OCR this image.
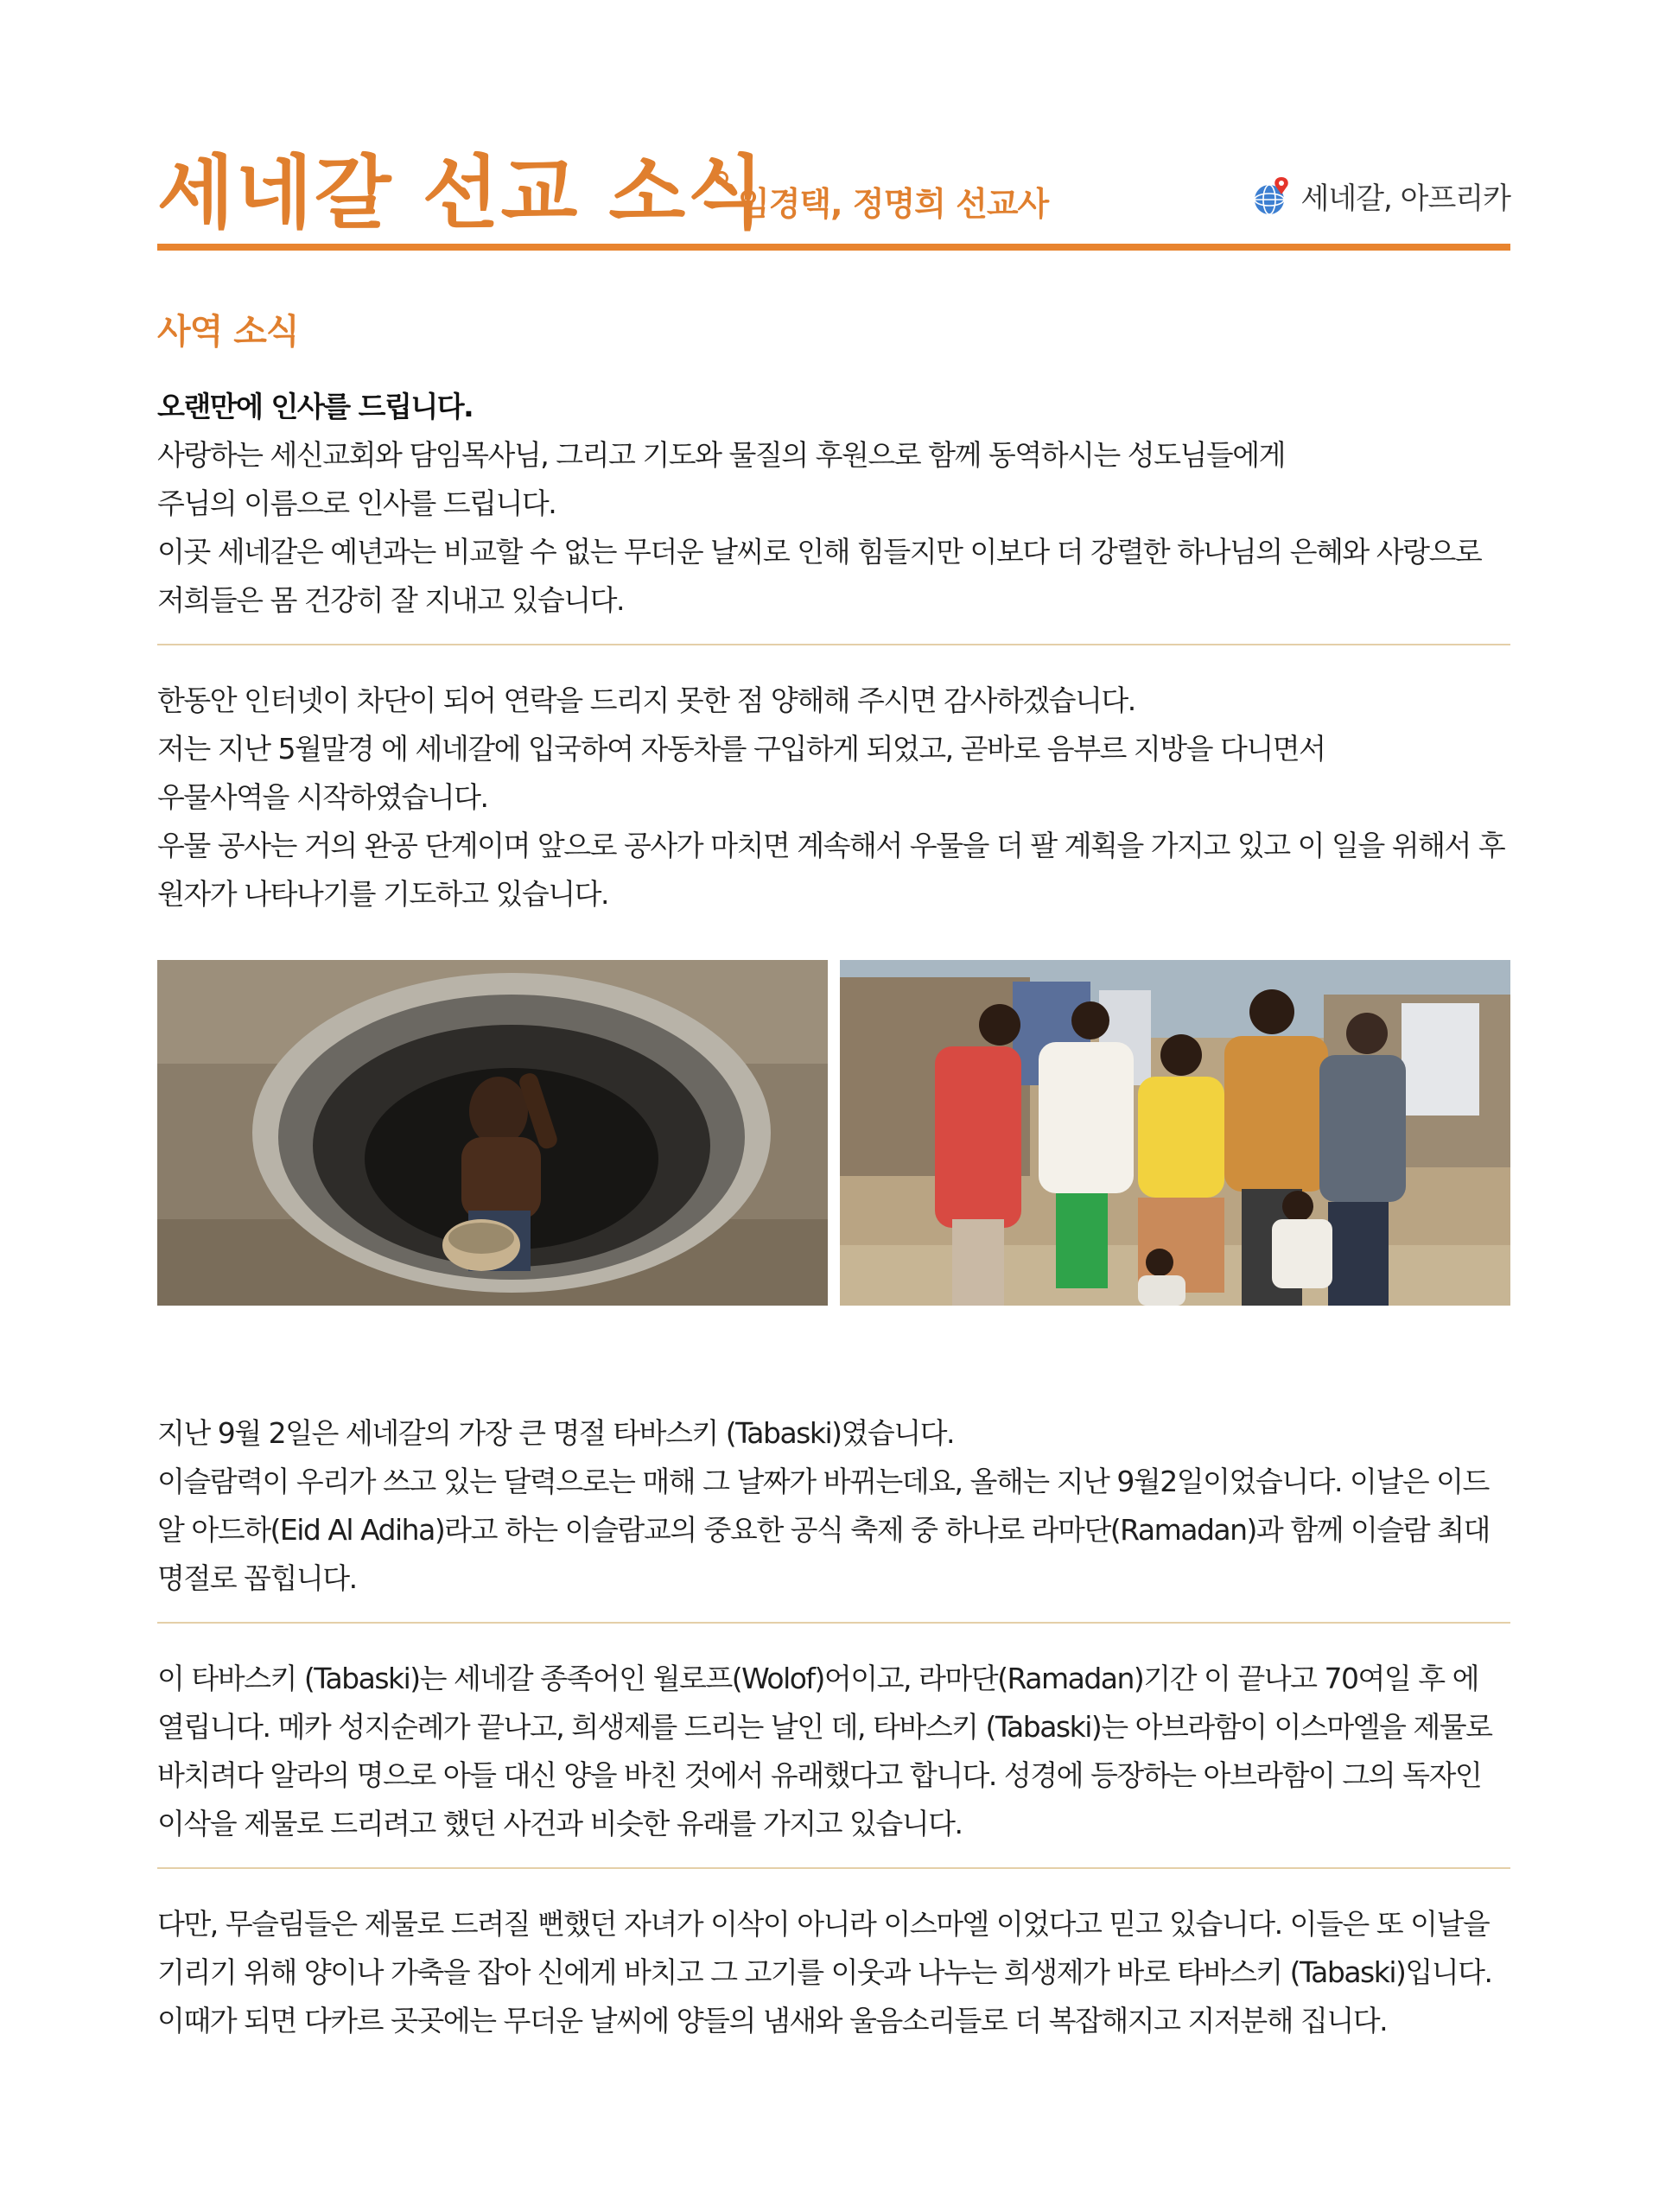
세네갈 선교 소식
임경택, 정명희 선교사	세네갈, 아프리카
사역 소식

오랜만에 인사를 드립니다.

사랑하는 세신교회와 담임목사님, 그리고 기도와 물질의 후원으로 함께 동역하시는 성도님들에게

주님의 이름으로 인사를 드립니다.

이곳 세네갈은 예년과는 비교할 수 없는 무더운 날씨로 인해 힘들지만 이보다 더 강렬한 하나님의 은혜와 사랑으로 저희들은 몸 건강히 잘 지내고 있습니다.

한동안 인터넷이 차단이 되어 연락을 드리지 못한 점 양해해 주시면 감사하겠습니다.

저는 지난 5월말경 에 세네갈에 입국하여 자동차를 구입하게 되었고, 곧바로 음부르 지방을 다니면서

우물사역을 시작하였습니다.

우물 공사는 거의 완공 단계이며 앞으로 공사가 마치면 계속해서 우물을 더 팔 계획을 가지고 있고 이 일을 위해서 후원자가 나타나기를 기도하고 있습니다.

지난 9월 2일은 세네갈의 가장 큰 명절 타바스키 (Tabaski)였습니다.

이슬람력이 우리가 쓰고 있는 달력으로는 매해 그 날짜가 바뀌는데요, 올해는 지난 9월2일이었습니다. 이날은 이드알 아드하(Eid Al Adiha)라고 하는 이슬람교의 중요한 공식 축제 중 하나로 라마단(Ramadan)과 함께 이슬람 최대 명절로 꼽힙니다.

이 타바스키 (Tabaski)는 세네갈 종족어인 월로프(Wolof)어이고, 라마단(Ramadan)기간 이 끝나고 70여일 후 에 열립니다. 메카 성지순례가 끝나고, 희생제를 드리는 날인 데, 타바스키 (Tabaski)는 아브라함이 이스마엘을 제물로 바치려다 알라의 명으로 아들 대신 양을 바친 것에서 유래했다고 합니다. 성경에 등장하는 아브라함이 그의 독자인 이삭을 제물로 드리려고 했던 사건과 비슷한 유래를 가지고 있습니다.

다만, 무슬림들은 제물로 드려질 뻔했던 자녀가 이삭이 아니라 이스마엘 이었다고 믿고 있습니다. 이들은 또 이날을 기리기 위해 양이나 가축을 잡아 신에게 바치고 그 고기를 이웃과 나누는 희생제가 바로 타바스키 (Tabaski)입니다. 이때가 되면 다카르 곳곳에는 무더운 날씨에 양들의 냄새와 울음소리들로 더 복잡해지고 지저분해 집니다.
